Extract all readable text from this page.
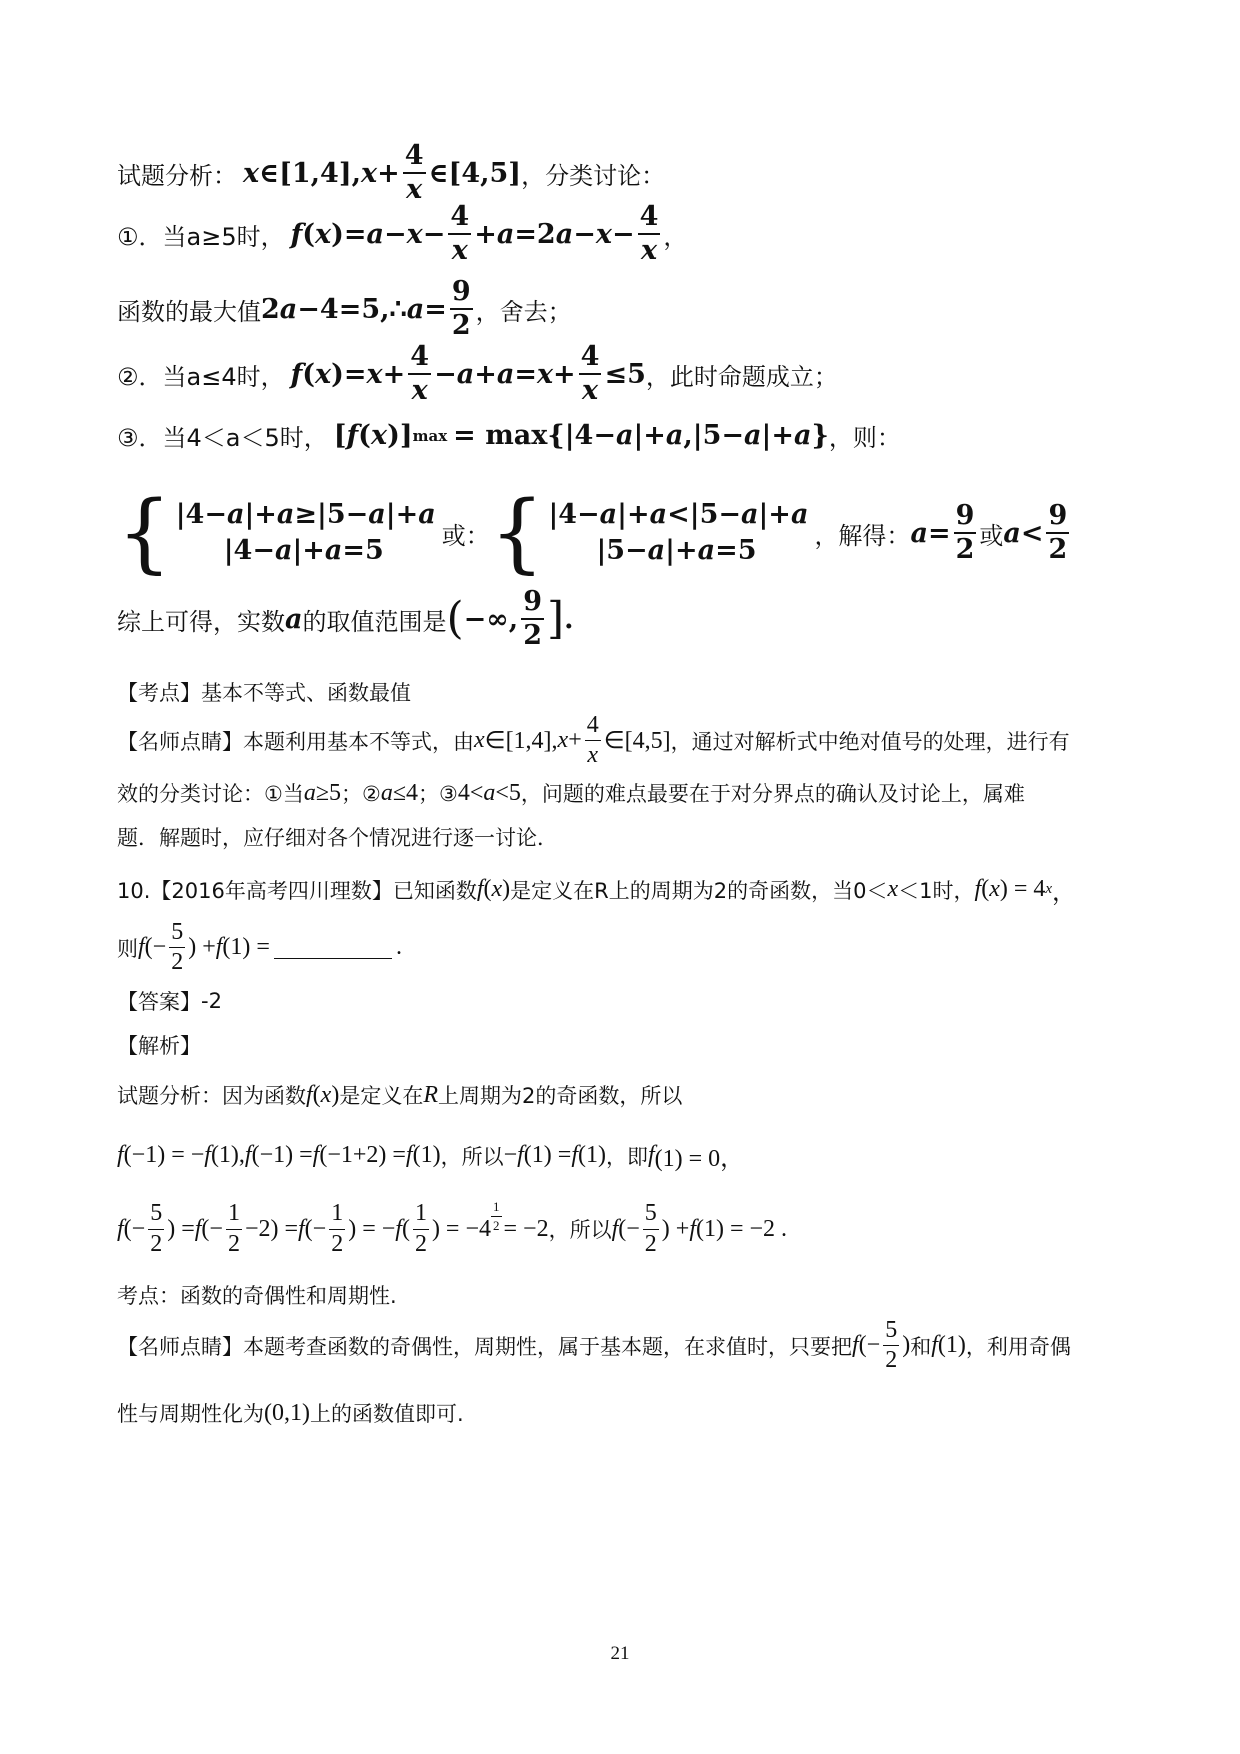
试题分析： x ∈[1,4], $x + \frac{4}{x}$ ∈[4,5] ，分类讨论：
①．当 a≥5时， f ( x )= $a - x - \frac{4}{x} + a =2$ $a - x - \frac{4}{x}$ ，
函数的最大值 2 a −4=5,∴ $a = \frac{9}{2}$ ，舍去；
②．当 a≤4时， f ( x )= $x + \frac{4}{x} - a + a = x + \frac{4}{x} \le 5$ ，此时命题成立；
③．当 4＜a＜5时， [ f ( x )] max = max{|4− a |+ a ,|5− a |+ a } ，则：
{ |4−a|+a≥|5−a|+a
|4−a|+a=5	或： { |4−a|+a<|5−a|+a
|5−a|+a=5	，解得： $a = \frac{9}{2}$ 或 $a < \frac{9}{2}$
综上可得，实数 a 的取值范围是 ( −∞, $\frac{9}{2}$ ] .
【考点】 基本不等式、函数最值
【名师点睛】 本题利用基本不等式，由 x ∈[1,4], $x + \frac{4}{x}$ ∈[4,5] ，通过对解析式中绝对值号的处理，进行有
效的分类讨论：①当 a ≥5 ；② a ≤4 ；③ 4< a <5 ，问题的难点最要在于对分界点的确认及讨论上，属难
题．解题时，应仔细对各个情况进行逐一讨论．
10.【2016年高考四川理数】已知函数 f ( x ) 是定义在R上的周期为2的奇函数，当0＜ x ＜1时， f ( x ) = 4 x ，
则 f (− $\frac{5}{2}$ ) + f (1) =	.
【答案】 -2
【解析】
试题分析：因为函数 f ( x ) 是定义在 R 上周期为2的奇函数，所以
f (−1) = − f (1), f (−1) = f (−1+2) = f (1) ，所以 − f (1) = f (1) ，即 f (1) = 0，
f (− $\frac{5}{2}$ ) = f (− $\frac{1}{2} -2) = f$ (− $\frac{1}{2}$ ) = − f ( $\frac{1}{2}$ ) = $-4 \frac{1}{2} = -2$ ，所以 f (− $\frac{5}{2}$ ) + f (1) = −2 .
考点：函数的奇偶性和周期性.
【名师点睛】 本题考查函数的奇偶性，周期性，属于基本题，在求值时，只要把 f (− $\frac{5}{2}$ ) 和 f (1) ，利用奇偶
性与周期性化为 (0,1) 上的函数值即可.
21
